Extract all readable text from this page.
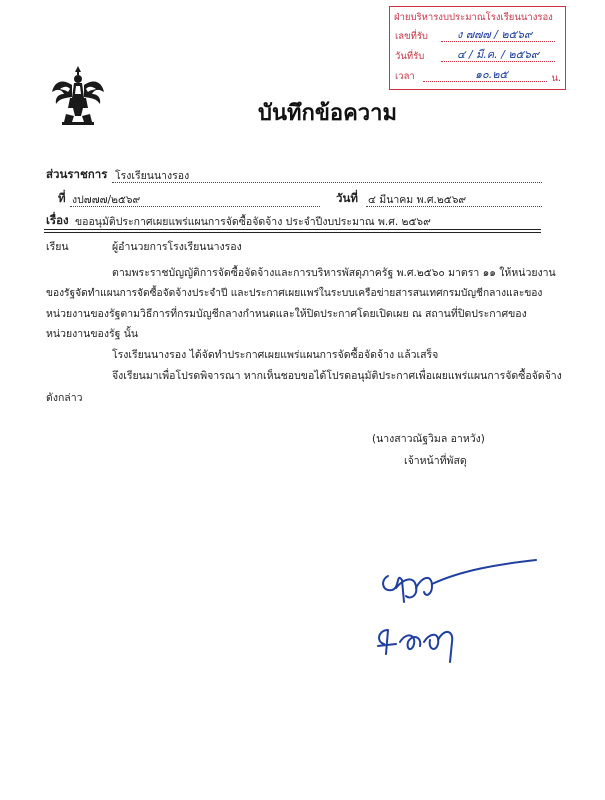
ฝ่ายบริหารงบประมาณโรงเรียนนางรอง
เลขที่รับ	ง ๗๗๗ / ๒๕๖๙
วันที่รับ	๔ / มี.ค. / ๒๕๖๙
เวลา	๑๐.๒๕	น.
บันทึกข้อความ
ส่วนราชการ โรงเรียนนางรอง
ที่ งป๗๗๗/๒๕๖๙	วันที่ ๔ มีนาคม พ.ศ.๒๕๖๙
เรื่อง ขออนุมัติประกาศเผยแพร่แผนการจัดซื้อจัดจ้าง ประจำปีงบประมาณ พ.ศ. ๒๕๖๙
เรียน	ผู้อำนวยการโรงเรียนนางรอง
ตามพระราชบัญญัติการจัดซื้อจัดจ้างและการบริหารพัสดุภาครัฐ พ.ศ.๒๕๖๐ มาตรา ๑๑ ให้หน่วยงาน
ของรัฐจัดทำแผนการจัดซื้อจัดจ้างประจำปี และประกาศเผยแพร่ในระบบเครือข่ายสารสนเทศกรมบัญชีกลางและของ
หน่วยงานของรัฐตามวิธีการที่กรมบัญชีกลางกำหนดและให้ปิดประกาศโดยเปิดเผย ณ สถานที่ปิดประกาศของ
หน่วยงานของรัฐ นั้น
โรงเรียนนางรอง ได้จัดทำประกาศเผยแพร่แผนการจัดซื้อจัดจ้าง แล้วเสร็จ
จึงเรียนมาเพื่อโปรดพิจารณา หากเห็นชอบขอได้โปรดอนุมัติประกาศเพื่อเผยแพร่แผนการจัดซื้อจัดจ้าง
ดังกล่าว
(นางสาวณัฐวิมล อาหวัง)
เจ้าหน้าที่พัสดุ
